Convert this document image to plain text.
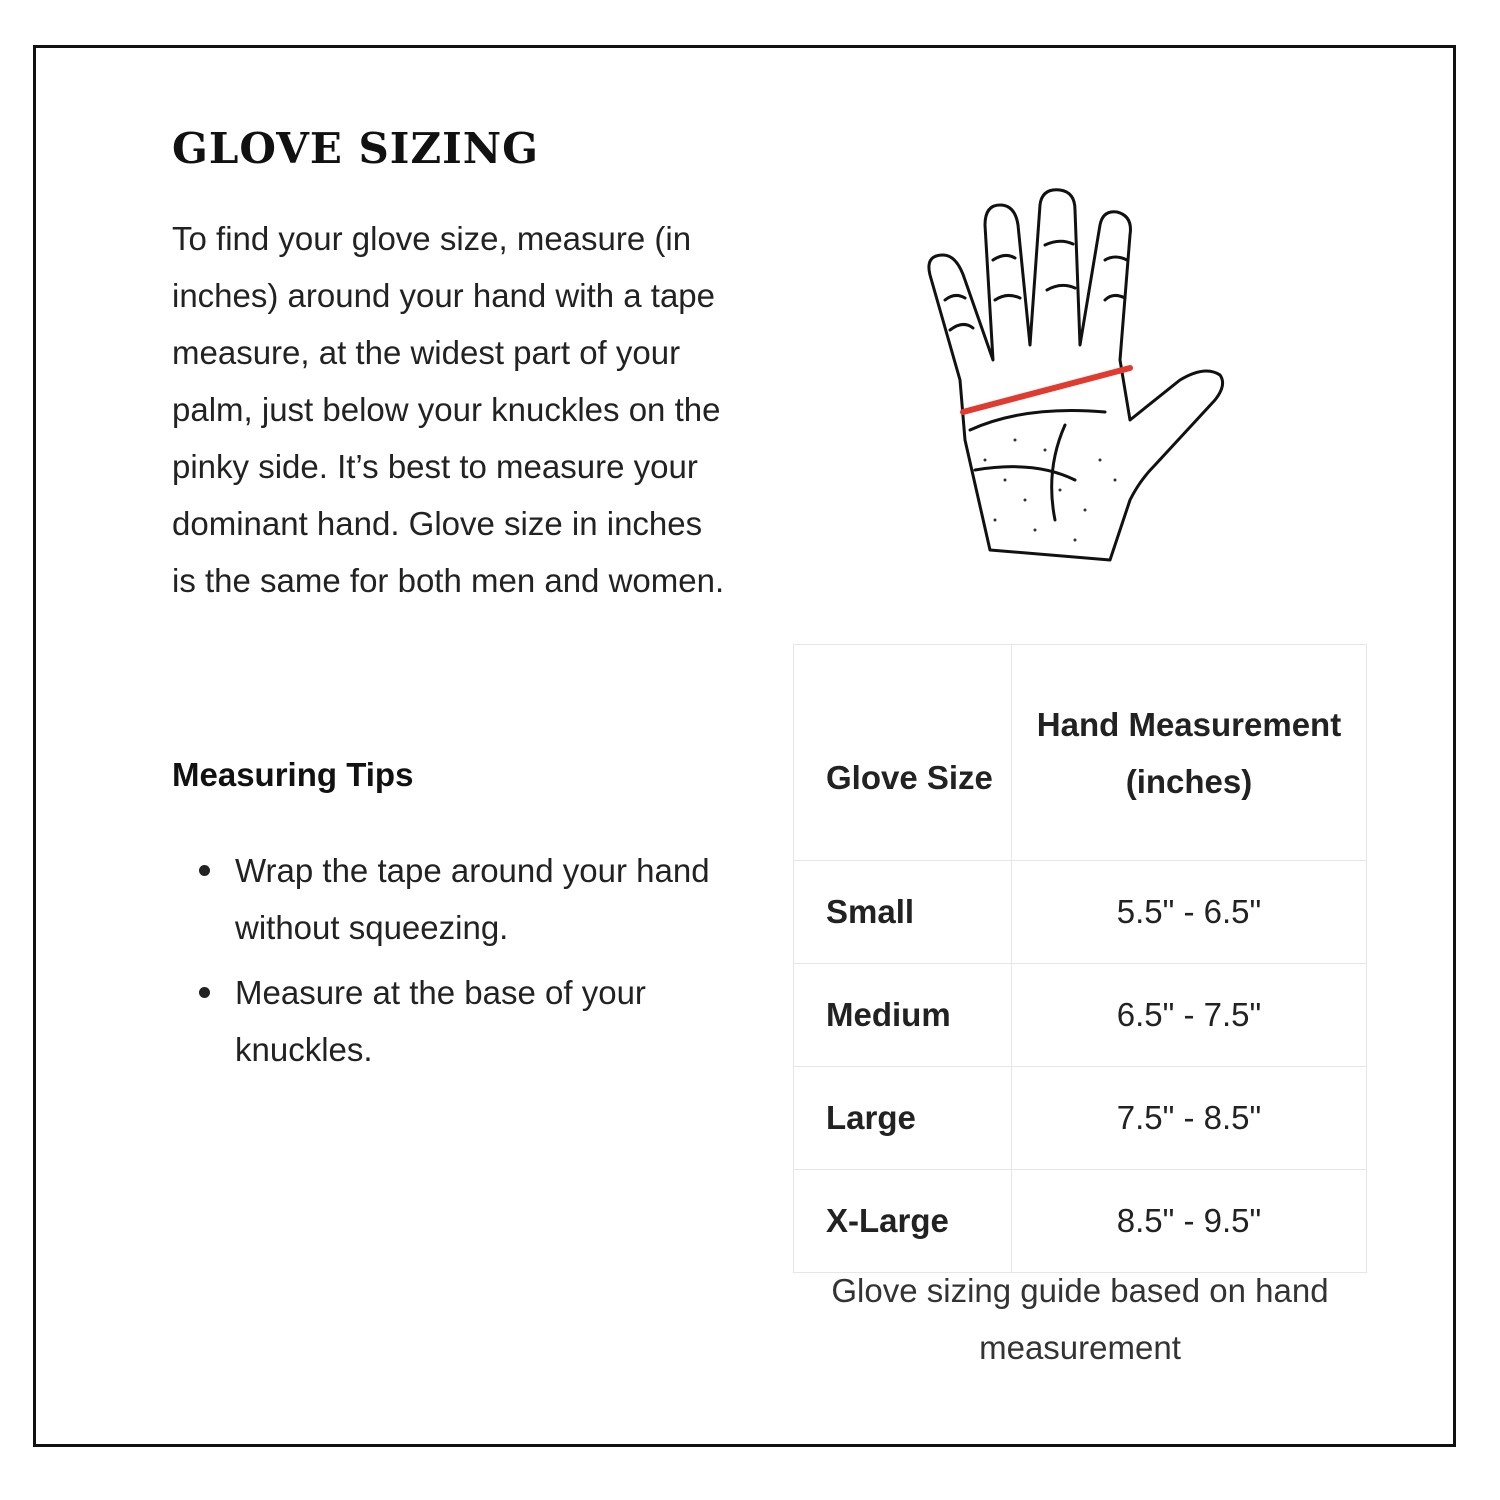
GLOVE SIZING

To find your glove size, measure (in inches) around your hand with a tape measure, at the widest part of your palm, just below your knuckles on the pinky side. It’s best to measure your dominant hand. Glove size in inches is the same for both men and women.

Measuring Tips
Wrap the tape around your hand without squeezing.
Measure at the base of your knuckles.
Glove Size	Hand Measurement (inches)
Small	5.5" - 6.5"
Medium	6.5" - 7.5"
Large	7.5" - 8.5"
X-Large	8.5" - 9.5"

Glove sizing guide based on hand measurement
